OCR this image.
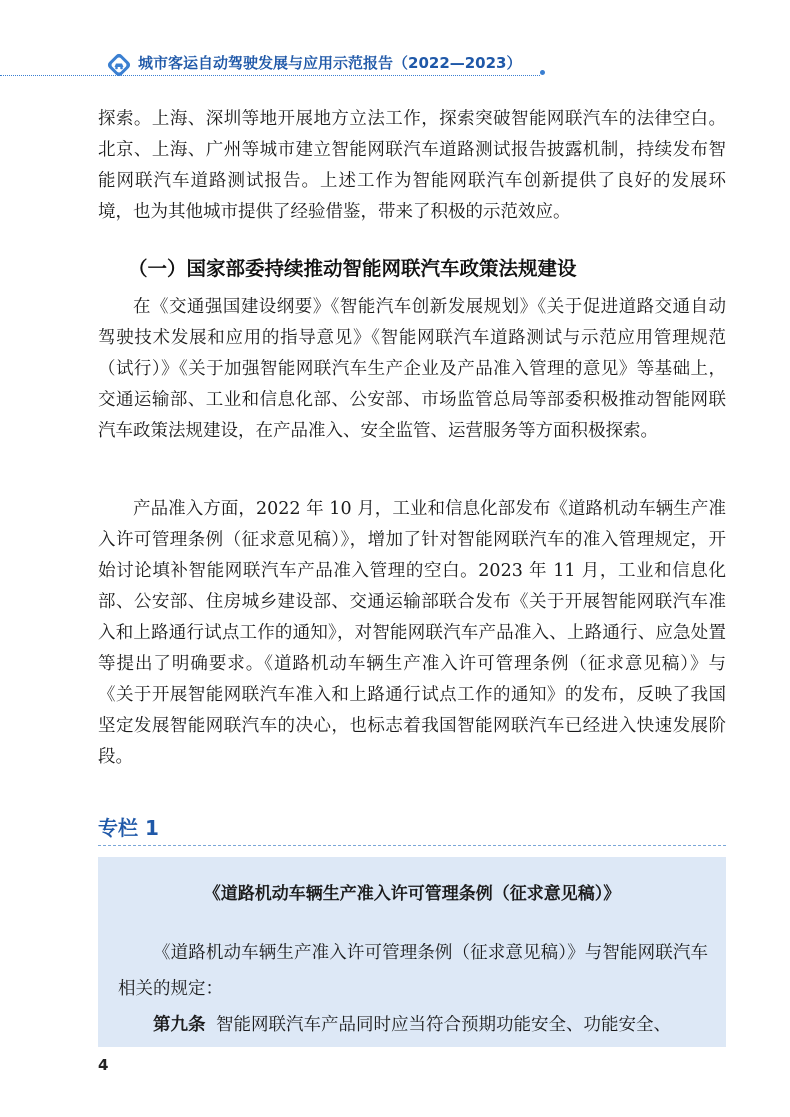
城市客运自动驾驶发展与应用示范报告（2022—2023）

探索。上海、深圳等地开展地方立法工作，探索突破智能网联汽车的法律空白。北京、上海、广州等城市建立智能网联汽车道路测试报告披露机制，持续发布智能网联汽车道路测试报告。上述工作为智能网联汽车创新提供了良好的发展环境，也为其他城市提供了经验借鉴，带来了积极的示范效应。

（一）国家部委持续推动智能网联汽车政策法规建设

在《交通强国建设纲要》《智能汽车创新发展规划》《关于促进道路交通自动驾驶技术发展和应用的指导意见》《智能网联汽车道路测试与示范应用管理规范（试行）》《关于加强智能网联汽车生产企业及产品准入管理的意见》等基础上，交通运输部、工业和信息化部、公安部、市场监管总局等部委积极推动智能网联汽车政策法规建设，在产品准入、安全监管、运营服务等方面积极探索。

产品准入方面，2022 年 10 月，工业和信息化部发布《道路机动车辆生产准入许可管理条例（征求意见稿）》，增加了针对智能网联汽车的准入管理规定，开始讨论填补智能网联汽车产品准入管理的空白。2023 年 11 月，工业和信息化部、公安部、住房城乡建设部、交通运输部联合发布《关于开展智能网联汽车准入和上路通行试点工作的通知》，对智能网联汽车产品准入、上路通行、应急处置等提出了明确要求。《道路机动车辆生产准入许可管理条例（征求意见稿）》与《关于开展智能网联汽车准入和上路通行试点工作的通知》的发布，反映了我国坚定发展智能网联汽车的决心，也标志着我国智能网联汽车已经进入快速发展阶段。

专栏 1
《道路机动车辆生产准入许可管理条例（征求意见稿）》

《道路机动车辆生产准入许可管理条例（征求意见稿）》与智能网联汽车相关的规定：

第九条 智能网联汽车产品同时应当符合预期功能安全、功能安全、

4
